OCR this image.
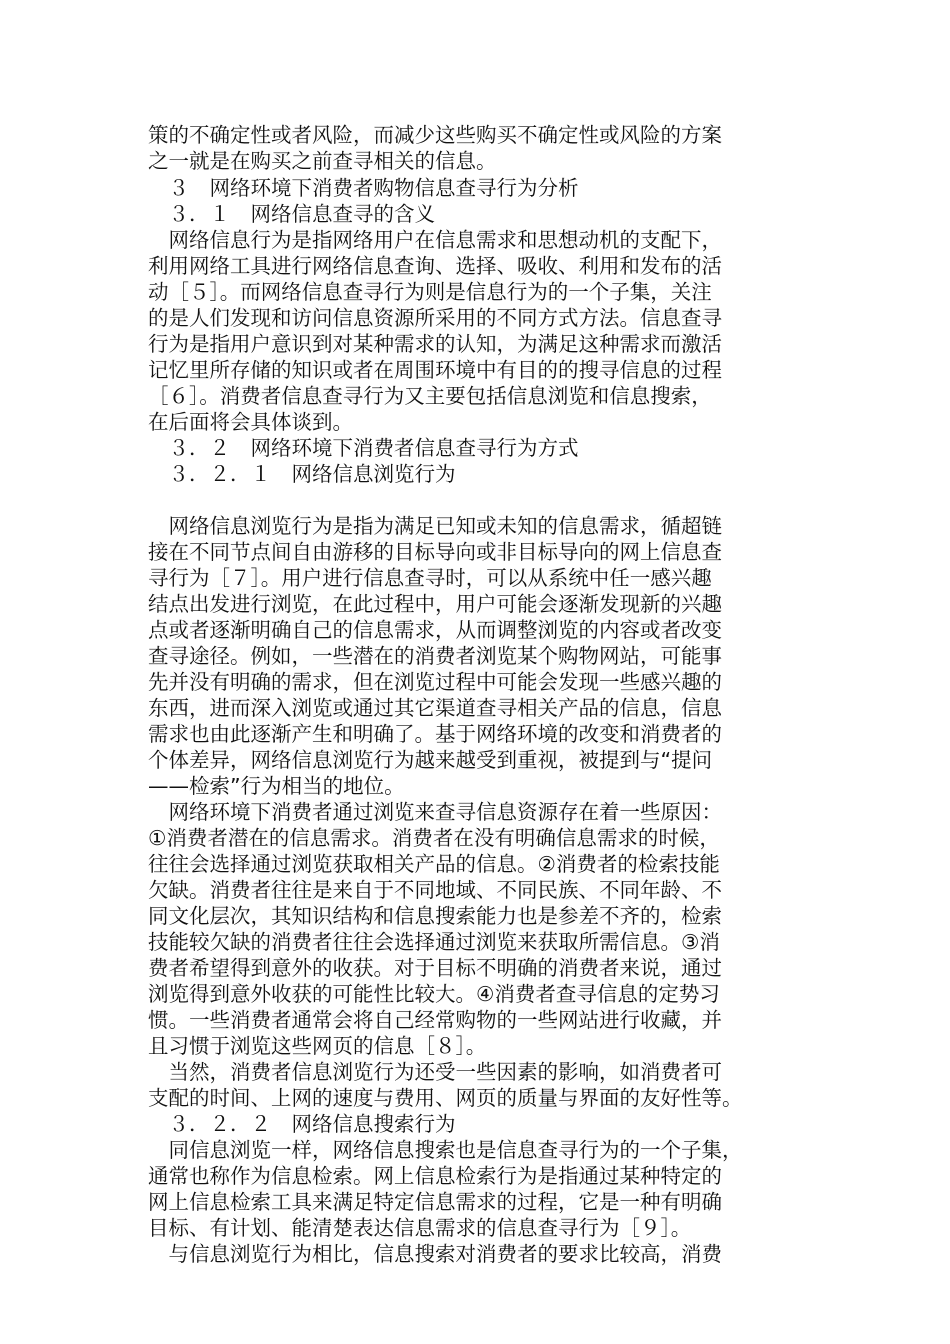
策的不确定性或者风险，而减少这些购买不确定性或风险的方案
之一就是在购买之前查寻相关的信息。
　３　网络环境下消费者购物信息查寻行为分析
　３．１　网络信息查寻的含义
　网络信息行为是指网络用户在信息需求和思想动机的支配下，
利用网络工具进行网络信息查询、选择、吸收、利用和发布的活
动［５］。而网络信息查寻行为则是信息行为的一个子集，关注
的是人们发现和访问信息资源所采用的不同方式方法。信息查寻
行为是指用户意识到对某种需求的认知，为满足这种需求而激活
记忆里所存储的知识或者在周围环境中有目的的搜寻信息的过程
［６］。消费者信息查寻行为又主要包括信息浏览和信息搜索，
在后面将会具体谈到。
　３．２　网络环境下消费者信息查寻行为方式
　３．２．１　网络信息浏览行为
　网络信息浏览行为是指为满足已知或未知的信息需求，循超链
接在不同节点间自由游移的目标导向或非目标导向的网上信息查
寻行为［７］。用户进行信息查寻时，可以从系统中任一感兴趣
结点出发进行浏览，在此过程中，用户可能会逐渐发现新的兴趣
点或者逐渐明确自己的信息需求，从而调整浏览的内容或者改变
查寻途径。例如，一些潜在的消费者浏览某个购物网站，可能事
先并没有明确的需求，但在浏览过程中可能会发现一些感兴趣的
东西，进而深入浏览或通过其它渠道查寻相关产品的信息，信息
需求也由此逐渐产生和明确了。基于网络环境的改变和消费者的
个体差异，网络信息浏览行为越来越受到重视，被提到与“提问
——检索”行为相当的地位。
　网络环境下消费者通过浏览来查寻信息资源存在着一些原因：
①消费者潜在的信息需求。消费者在没有明确信息需求的时候，
往往会选择通过浏览获取相关产品的信息。②消费者的检索技能
欠缺。消费者往往是来自于不同地域、不同民族、不同年龄、不
同文化层次，其知识结构和信息搜索能力也是参差不齐的，检索
技能较欠缺的消费者往往会选择通过浏览来获取所需信息。③消
费者希望得到意外的收获。对于目标不明确的消费者来说，通过
浏览得到意外收获的可能性比较大。④消费者查寻信息的定势习
惯。一些消费者通常会将自己经常购物的一些网站进行收藏，并
且习惯于浏览这些网页的信息［８］。
　当然，消费者信息浏览行为还受一些因素的影响，如消费者可
支配的时间、上网的速度与费用、网页的质量与界面的友好性等。
　３．２．２　网络信息搜索行为
　同信息浏览一样，网络信息搜索也是信息查寻行为的一个子集，
通常也称作为信息检索。网上信息检索行为是指通过某种特定的
网上信息检索工具来满足特定信息需求的过程，它是一种有明确
目标、有计划、能清楚表达信息需求的信息查寻行为［９］。
　与信息浏览行为相比，信息搜索对消费者的要求比较高，消费
